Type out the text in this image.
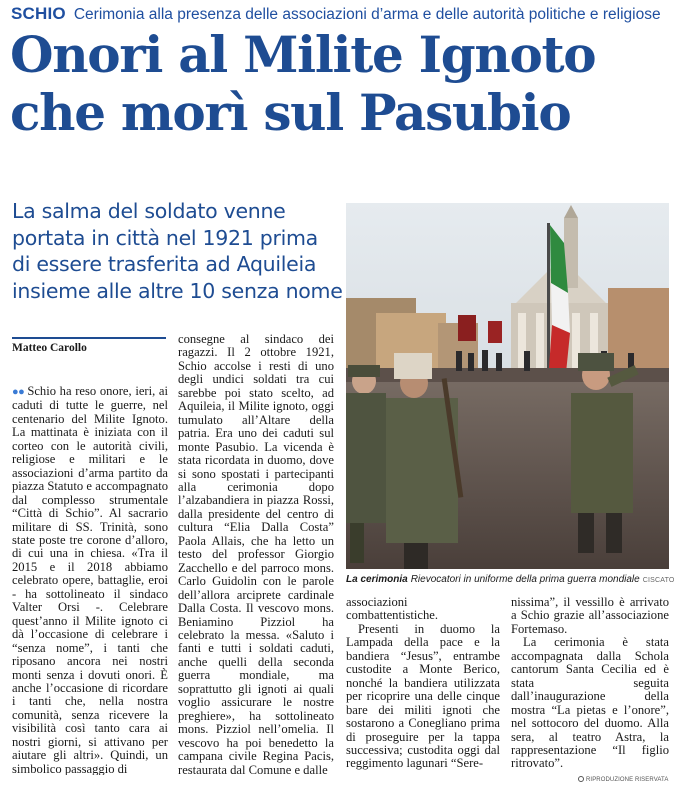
SCHIO Cerimonia alla presenza delle associazioni d’arma e delle autorità politiche e religiose
Onori al Milite Ignoto
che morì sul Pasubio
La salma del soldato venne
portata in città nel 1921 prima
di essere trasferita ad Aquileia
insieme alle altre 10 senza nome
La cerimonia Rievocatori in uniforme della prima guerra mondiale CISCATO
Matteo Carollo

●● Schio ha reso onore, ieri, ai caduti di tutte le guerre, nel centenario del Milite Ignoto. La mattinata è iniziata con il corteo con le autorità civili, religiose e militari e le associazioni d’arma partito da piazza Statuto e accompagnato dal complesso strumentale “Città di Schio”. Al sacrario militare di SS. Trinità, sono state poste tre corone d’alloro, di cui una in chiesa. «Tra il 2015 e il 2018 abbiamo celebrato opere, battaglie, eroi - ha sottolineato il sindaco Valter Orsi -. Celebrare quest’anno il Milite ignoto ci dà l’occasione di celebrare i “senza nome”, i tanti che riposano ancora nei nostri monti senza i dovuti onori. È anche l’occasione di ricordare i tanti che, nella nostra comunità, senza ricevere la visibilità così tanto cara ai nostri giorni, si attivano per aiutare gli altri». Quindi, un simbolico passaggio di

consegne al sindaco dei ragazzi. Il 2 ottobre 1921, Schio accolse i resti di uno degli undici soldati tra cui sarebbe poi stato scelto, ad Aquileia, il Milite ignoto, oggi tumulato all’Altare della patria. Era uno dei caduti sul monte Pasubio. La vicenda è stata ricordata in duomo, dove si sono spostati i partecipanti alla cerimonia dopo l’alzabandiera in piazza Rossi, dalla presidente del centro di cultura “Elia Dalla Costa” Paola Allais, che ha letto un testo del professor Giorgio Zacchello e del parroco mons. Carlo Guidolin con le parole dell’allora arciprete cardinale Dalla Costa. Il vescovo mons. Beniamino Pizziol ha celebrato la messa. «Saluto i fanti e tutti i soldati caduti, anche quelli della seconda guerra mondiale, ma soprattutto gli ignoti ai quali voglio assicurare le nostre preghiere», ha sottolineato mons. Pizziol nell’omelia. Il vescovo ha poi benedetto la campana civile Regina Pacis, restaurata dal Comune e dalle

associazioni combattentistiche.

Presenti in duomo la Lampada della pace e la bandiera “Jesus”, entrambe custodite a Monte Berico, nonché la bandiera utilizzata per ricoprire una delle cinque bare dei militi ignoti che sostarono a Conegliano prima di proseguire per la tappa successiva; custodita oggi dal reggimento lagunari “Sere-

nissima”, il vessillo è arrivato a Schio grazie all’associazione Fortemaso.

La cerimonia è stata accompagnata dalla Schola cantorum Santa Cecilia ed è stata seguita dall’inaugurazione della mostra “La pietas e l’onore”, nel sottocoro del duomo. Alla sera, al teatro Astra, la rappresentazione “Il figlio ritrovato”.

RIPRODUZIONE RISERVATA
